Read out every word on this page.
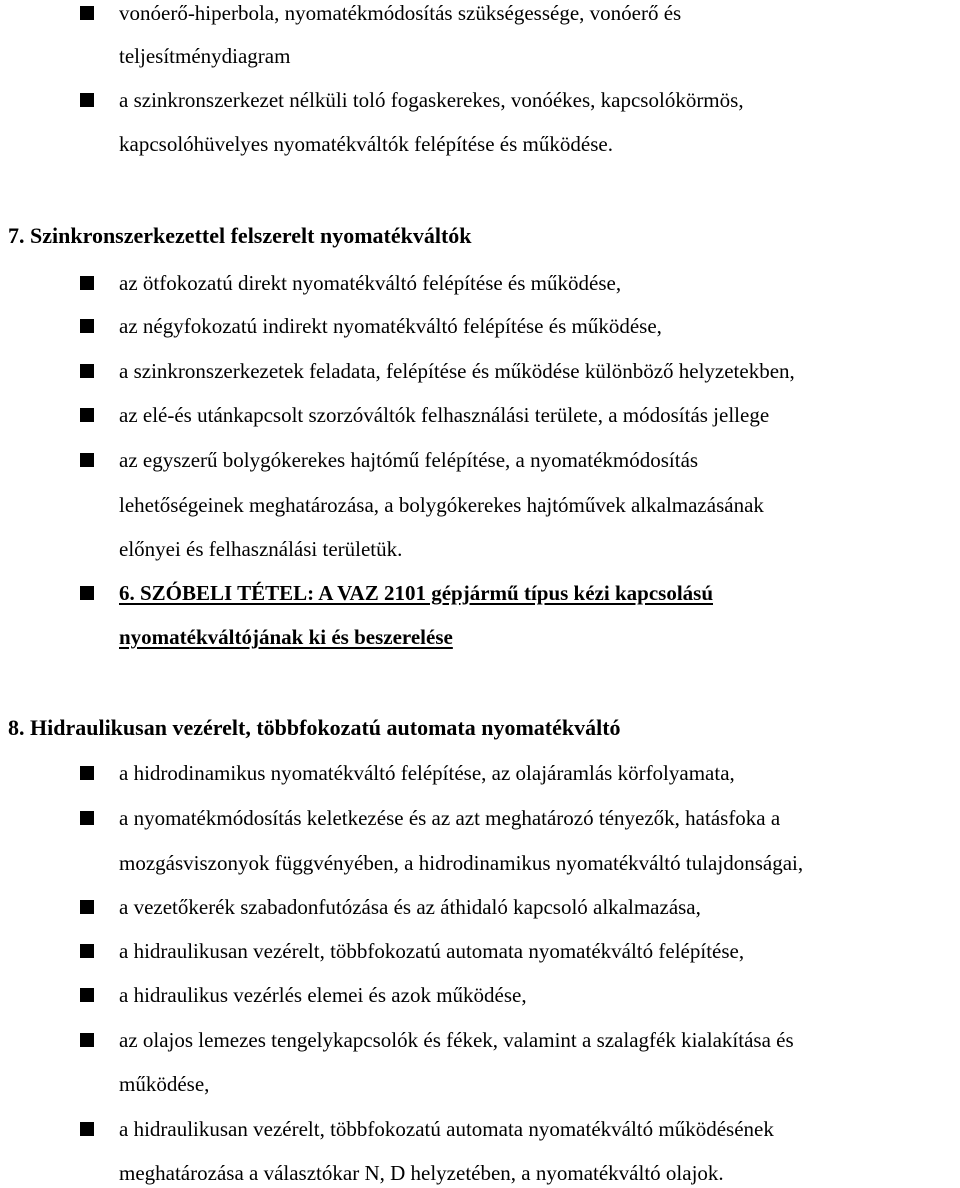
vonóerő-hiperbola, nyomatékmódosítás szükségessége, vonóerő és
teljesítménydiagram
a szinkronszerkezet nélküli toló fogaskerekes, vonóékes, kapcsolókörmös,
kapcsolóhüvelyes nyomatékváltók felépítése és működése.
7. Szinkronszerkezettel felszerelt nyomatékváltók
az ötfokozatú direkt nyomatékváltó felépítése és működése,
az négyfokozatú indirekt nyomatékváltó felépítése és működése,
a szinkronszerkezetek feladata, felépítése és működése különböző helyzetekben,
az elé-és utánkapcsolt szorzóváltók felhasználási területe, a módosítás jellege
az egyszerű bolygókerekes hajtómű felépítése, a nyomatékmódosítás
lehetőségeinek meghatározása, a bolygókerekes hajtóművek alkalmazásának
előnyei és felhasználási területük.
6. SZÓBELI TÉTEL: A VAZ 2101 gépjármű típus kézi kapcsolású
nyomatékváltójának ki és beszerelése
8. Hidraulikusan vezérelt, többfokozatú automata nyomatékváltó
a hidrodinamikus nyomatékváltó felépítése, az olajáramlás körfolyamata,
a nyomatékmódosítás keletkezése és az azt meghatározó tényezők, hatásfoka a
mozgásviszonyok függvényében, a hidrodinamikus nyomatékváltó tulajdonságai,
a vezetőkerék szabadonfutózása és az áthidaló kapcsoló alkalmazása,
a hidraulikusan vezérelt, többfokozatú automata nyomatékváltó felépítése,
a hidraulikus vezérlés elemei és azok működése,
az olajos lemezes tengelykapcsolók és fékek, valamint a szalagfék kialakítása és
működése,
a hidraulikusan vezérelt, többfokozatú automata nyomatékváltó működésének
meghatározása a választókar N, D helyzetében, a nyomatékváltó olajok.
